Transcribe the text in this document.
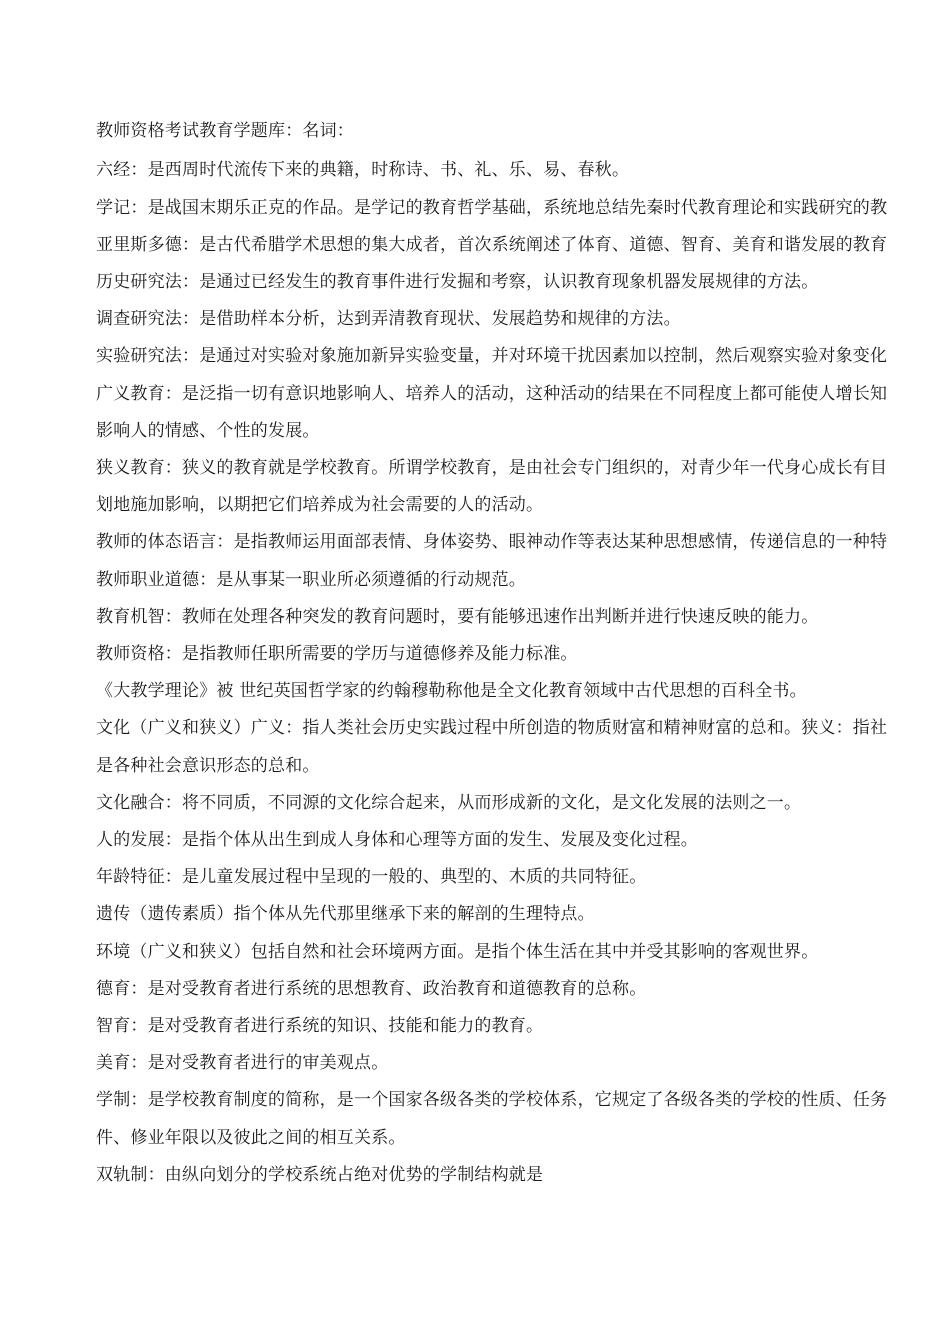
教师资格考试教育学题库：名词：
六经：是西周时代流传下来的典籍，时称诗、书、礼、乐、易、春秋。
学记：是战国末期乐正克的作品。是学记的教育哲学基础，系统地总结先秦时代教育理论和实践研究的教
亚里斯多德：是古代希腊学术思想的集大成者，首次系统阐述了体育、道德、智育、美育和谐发展的教育
历史研究法：是通过已经发生的教育事件进行发掘和考察，认识教育现象机器发展规律的方法。
调查研究法：是借助样本分析，达到弄清教育现状、发展趋势和规律的方法。
实验研究法：是通过对实验对象施加新异实验变量，并对环境干扰因素加以控制，然后观察实验对象变化
广义教育：是泛指一切有意识地影响人、培养人的活动，这种活动的结果在不同程度上都可能使人增长知
影响人的情感、个性的发展。
狭义教育：狭义的教育就是学校教育。所谓学校教育，是由社会专门组织的，对青少年一代身心成长有目
划地施加影响，以期把它们培养成为社会需要的人的活动。
教师的体态语言：是指教师运用面部表情、身体姿势、眼神动作等表达某种思想感情，传递信息的一种特
教师职业道德：是从事某一职业所必须遵循的行动规范。
教育机智：教师在处理各种突发的教育问题时，要有能够迅速作出判断并进行快速反映的能力。
教师资格：是指教师任职所需要的学历与道德修养及能力标准。
《大教学理论》被 世纪英国哲学家的约翰穆勒称他是全文化教育领域中古代思想的百科全书。
文化（广义和狭义）广义：指人类社会历史实践过程中所创造的物质财富和精神财富的总和。狭义：指社
是各种社会意识形态的总和。
文化融合：将不同质，不同源的文化综合起来，从而形成新的文化，是文化发展的法则之一。
人的发展：是指个体从出生到成人身体和心理等方面的发生、发展及变化过程。
年龄特征：是儿童发展过程中呈现的一般的、典型的、木质的共同特征。
遗传（遗传素质）指个体从先代那里继承下来的解剖的生理特点。
环境（广义和狭义）包括自然和社会环境两方面。是指个体生活在其中并受其影响的客观世界。
德育：是对受教育者进行系统的思想教育、政治教育和道德教育的总称。
智育：是对受教育者进行系统的知识、技能和能力的教育。
美育：是对受教育者进行的审美观点。
学制：是学校教育制度的简称，是一个国家各级各类的学校体系，它规定了各级各类的学校的性质、任务
件、修业年限以及彼此之间的相互关系。
双轨制：由纵向划分的学校系统占绝对优势的学制结构就是
